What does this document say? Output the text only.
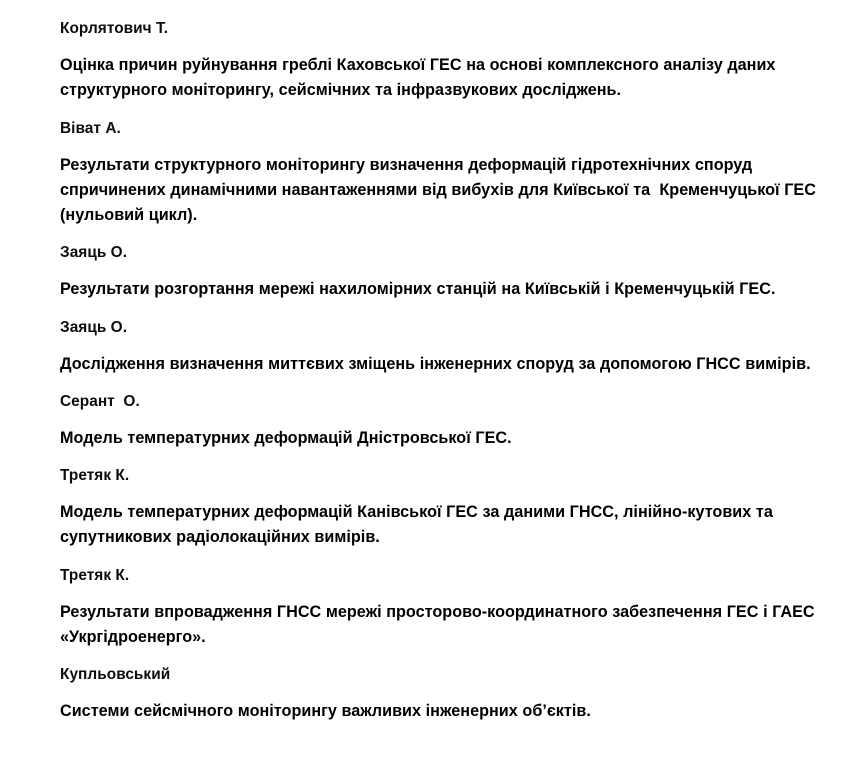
Корлятович Т.

Оцінка причин руйнування греблі Каховської ГЕС на основі комплексного аналізу даних структурного моніторингу, сейсмічних та інфразвукових досліджень.

Віват А.

Результати структурного моніторингу визначення деформацій гідротехнічних споруд спричинених динамічними навантаженнями від вибухів для Київської та  Кременчуцької ГЕС (нульовий цикл).

Заяць О.

Результати розгортання мережі нахиломірних станцій на Київській і Кременчуцькій ГЕС.

Заяць О.

Дослідження визначення миттєвих зміщень інженерних споруд за допомогою ГНСС вимірів.

Серант  О.

Модель температурних деформацій Дністровської ГЕС.

Третяк К.

Модель температурних деформацій Канівської ГЕС за даними ГНСС, лінійно-кутових та супутникових радіолокаційних вимірів.

Третяк К.

Результати впровадження ГНСС мережі просторово-координатного забезпечення ГЕС і ГАЕС «Укргідроенерго».

Купльовський

Системи сейсмічного моніторингу важливих інженерних об’єктів.
